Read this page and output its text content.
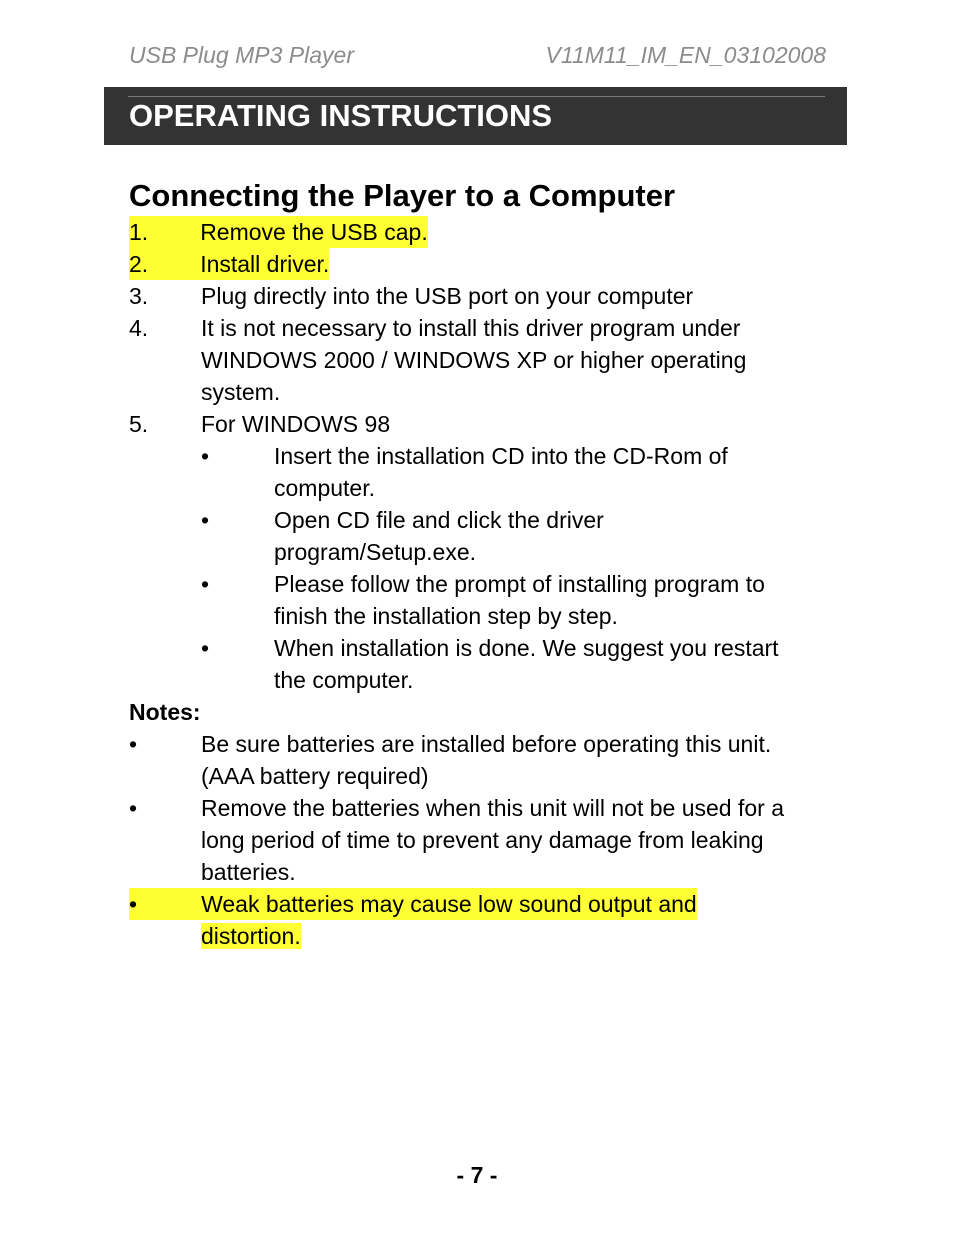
USB Plug MP3 Player	V11M11_IM_EN_03102008
OPERATING INSTRUCTIONS
Connecting the Player to a Computer
1. Remove the USB cap.
2. Install driver.
3. Plug directly into the USB port on your computer
4. It is not necessary to install this driver program under
WINDOWS 2000 / WINDOWS XP or higher operating
system.
5. For WINDOWS 98
•	Insert the installation CD into the CD-Rom of
computer.
•	Open CD file and click the driver
program/Setup.exe.
•	Please follow the prompt of installing program to
finish the installation step by step.
•	When installation is done. We suggest you restart
the computer.
Notes:
•	Be sure batteries are installed before operating this unit.
(AAA battery required)
•	Remove the batteries when this unit will not be used for a
long period of time to prevent any damage from leaking
batteries.
•	Weak batteries may cause low sound output and
distortion.
- 7 -
